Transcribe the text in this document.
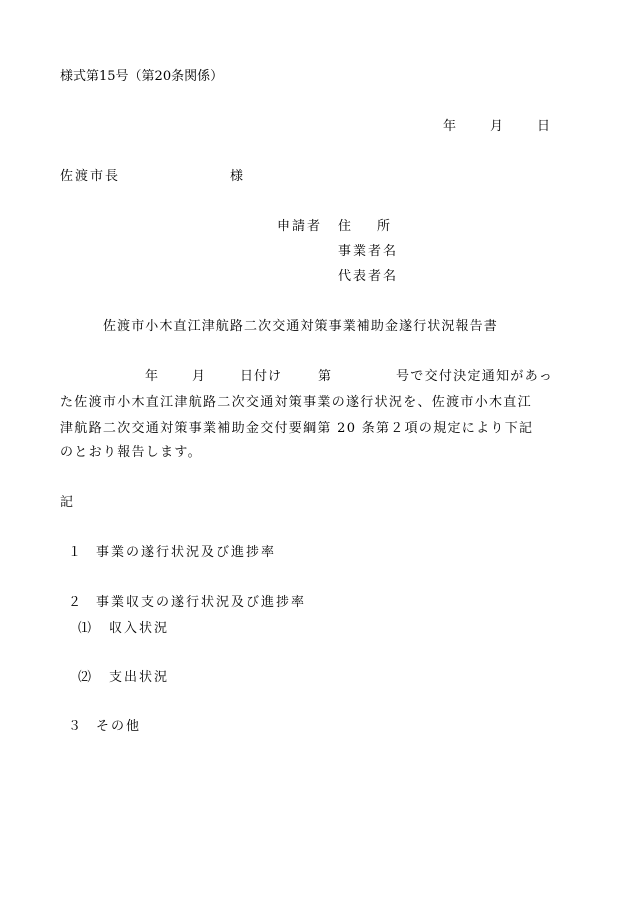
様式第15号（第20条関係）
年	月	日
佐渡市長	様
申請者 住　　所
事業者名
代表者名
佐渡市小木直江津航路二次交通対策事業補助金遂行状況報告書
年	月	日付け	第	号で交付決定通知があっ
た佐渡市小木直江津航路二次交通対策事業の遂行状況を、佐渡市小木直江
津航路二次交通対策事業補助金交付要綱第 20 条第２項の規定により下記
のとおり報告します。
記
１ 事業の遂行状況及び進捗率
２ 事業収支の遂行状況及び進捗率
⑴ 収入状況
⑵ 支出状況
３ その他
